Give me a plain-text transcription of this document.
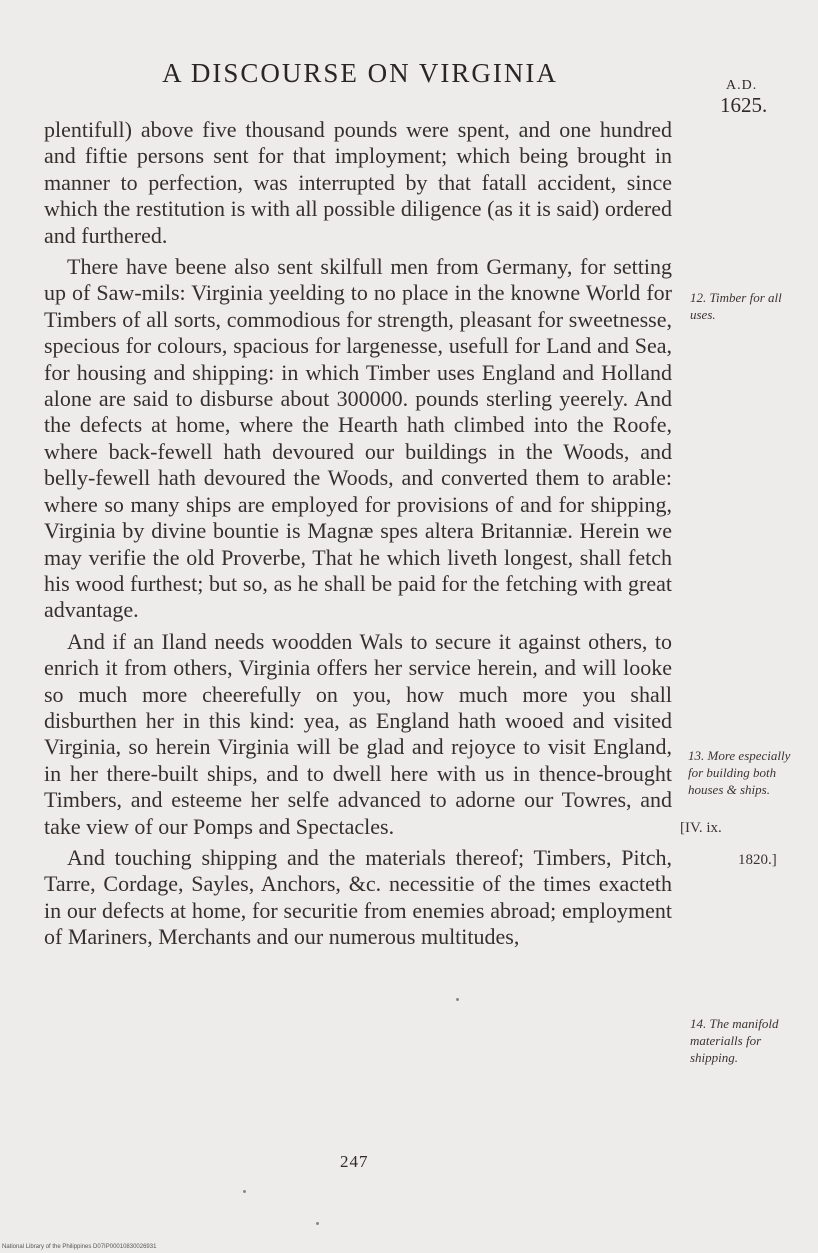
A DISCOURSE ON VIRGINIA	A.D.
1625.

plentifull) above five thousand pounds were spent, and one hundred and fiftie persons sent for that imployment; which being brought in manner to perfection, was interrupted by that fatall accident, since which the restitution is with all possible diligence (as it is said) ordered and furthered.

There have beene also sent skilfull men from Germany, for setting up of Saw-mils: Virginia yeelding to no place in the knowne World for Timbers of all sorts, commodious for strength, pleasant for sweetnesse, specious for colours, spacious for largenesse, usefull for Land and Sea, for housing and shipping: in which Timber uses England and Holland alone are said to disburse about 300000. pounds sterling yeerely. And the defects at home, where the Hearth hath climbed into the Roofe, where back-fewell hath devoured our buildings in the Woods, and belly-fewell hath devoured the Woods, and converted them to arable: where so many ships are employed for provisions of and for shipping, Virginia by divine bountie is Magnæ spes altera Britanniæ. Herein we may verifie the old Proverbe, That he which liveth longest, shall fetch his wood furthest; but so, as he shall be paid for the fetching with great advantage.

And if an Iland needs woodden Wals to secure it against others, to enrich it from others, Virginia offers her service herein, and will looke so much more cheerefully on you, how much more you shall disburthen her in this kind: yea, as England hath wooed and visited Virginia, so herein Virginia will be glad and rejoyce to visit England, in her there-built ships, and to dwell here with us in thence-brought Timbers, and esteeme her selfe advanced to adorne our Towres, and take view of our Pomps and Spectacles.

And touching shipping and the materials thereof; Timbers, Pitch, Tarre, Cordage, Sayles, Anchors, &c. necessitie of the times exacteth in our defects at home, for securitie from enemies abroad; employment of Mariners, Merchants and our numerous multitudes,

12. Timber for all uses.
13. More especially for building both houses & ships.
[IV. ix.
1820.]
14. The manifold materialls for shipping.
247
National Library of the Philippines D07IP00010830026931
